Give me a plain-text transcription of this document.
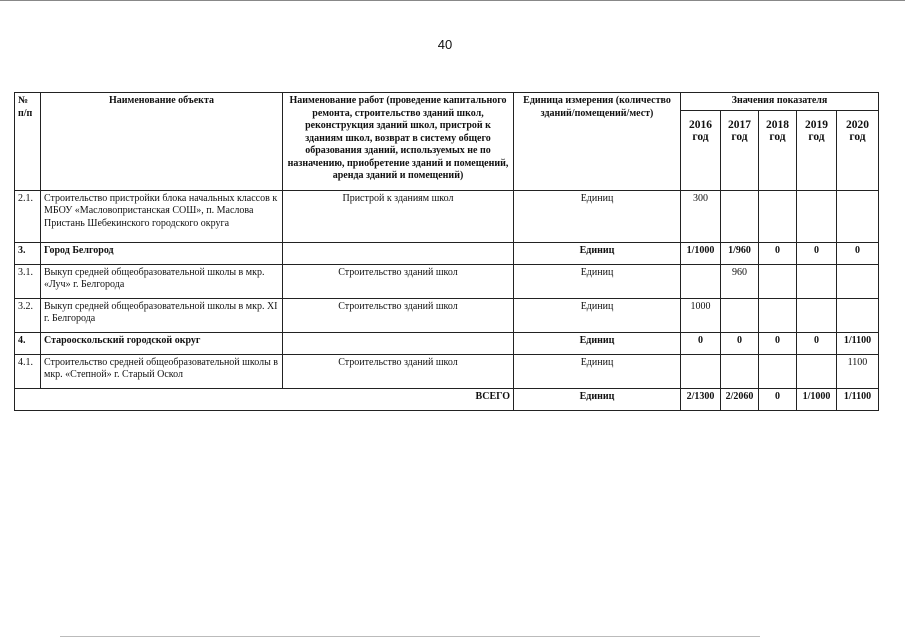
40
№
п/п	Наименование объекта	Наименование работ (проведение капитального ремонта, строительство зданий школ, реконструкция зданий школ, пристрой к зданиям школ, возврат в систему общего образования зданий, используемых не по назначению, приобретение зданий и помещений, аренда зданий и помещений)	Единица измерения (количество зданий/помещений/мест)	Значения показателя				
				2016 год	2017 год	2018 год	2019 год	2020 год
2.1.	Строительство пристройки блока начальных классов к МБОУ «Масловопристанская СОШ», п. Маслова Пристань Шебекинского городского округа	Пристрой к зданиям школ	Единиц	300				
3.	Город Белгород		Единиц	1/1000	1/960	0	0	0
3.1.	Выкуп средней общеобразовательной школы в мкр. «Луч» г. Белгорода	Строительство зданий школ	Единиц		960			
3.2.	Выкуп средней общеобразовательной школы в мкр. XI г. Белгорода	Строительство зданий школ	Единиц	1000				
4.	Старооскольский городской округ		Единиц	0	0	0	0	1/1100
4.1.	Строительство средней общеобразовательной школы в мкр. «Степной» г. Старый Оскол	Строительство зданий школ	Единиц					1100
ВСЕГО			Единиц	2/1300	2/2060	0	1/1000	1/1100
